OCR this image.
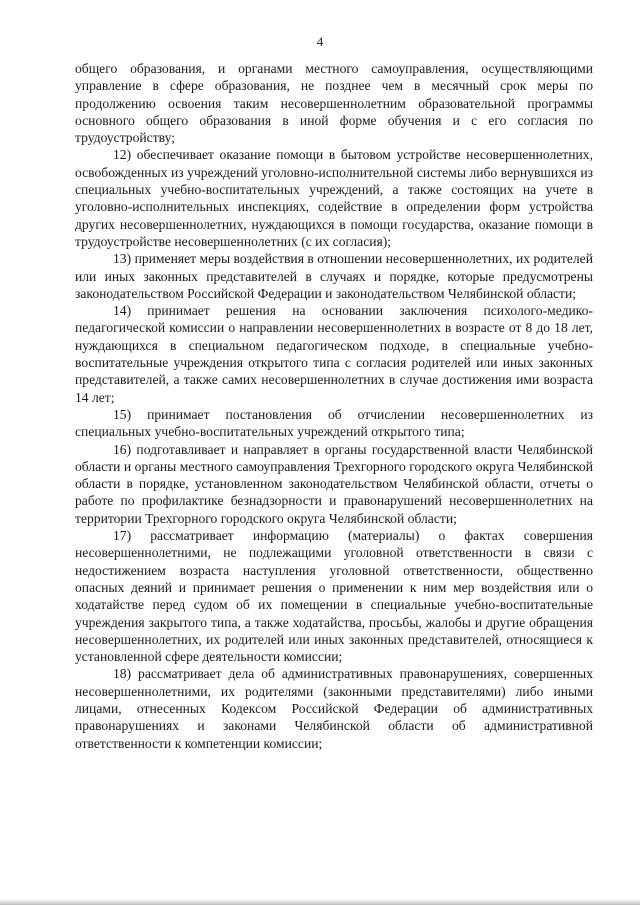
4

общего образования, и органами местного самоуправления, осуществляющими управление в сфере образования, не позднее чем в месячный срок меры по продолжению освоения таким несовершеннолетним образовательной программы основного общего образования в иной форме обучения и с его согласия по трудоустройству;

12) обеспечивает оказание помощи в бытовом устройстве несовершеннолетних, освобожденных из учреждений уголовно-исполнительной системы либо вернувшихся из специальных учебно-воспитательных учреждений, а также состоящих на учете в уголовно-исполнительных инспекциях, содействие в определении форм устройства других несовершеннолетних, нуждающихся в помощи государства, оказание помощи в трудоустройстве несовершеннолетних (с их согласия);

13) применяет меры воздействия в отношении несовершеннолетних, их родителей или иных законных представителей в случаях и порядке, которые предусмотрены законодательством Российской Федерации и законодательством Челябинской области;

14) принимает решения на основании заключения психолого-медико-педагогической комиссии о направлении несовершеннолетних в возрасте от 8 до 18 лет, нуждающихся в специальном педагогическом подходе, в специальные учебно-воспитательные учреждения открытого типа с согласия родителей или иных законных представителей, а также самих несовершеннолетних в случае достижения ими возраста 14 лет;

15) принимает постановления об отчислении несовершеннолетних из специальных учебно-воспитательных учреждений открытого типа;

16) подготавливает и направляет в органы государственной власти Челябинской области и органы местного самоуправления Трехгорного городского округа Челябинской области в порядке, установленном законодательством Челябинской области, отчеты о работе по профилактике безнадзорности и правонарушений несовершеннолетних на территории Трехгорного городского округа Челябинской области;

17) рассматривает информацию (материалы) о фактах совершения несовершеннолетними, не подлежащими уголовной ответственности в связи с недостижением возраста наступления уголовной ответственности, общественно опасных деяний и принимает решения о применении к ним мер воздействия или о ходатайстве перед судом об их помещении в специальные учебно-воспитательные учреждения закрытого типа, а также ходатайства, просьбы, жалобы и другие обращения несовершеннолетних, их родителей или иных законных представителей, относящиеся к установленной сфере деятельности комиссии;

18) рассматривает дела об административных правонарушениях, совершенных несовершеннолетними, их родителями (законными представителями) либо иными лицами, отнесенных Кодексом Российской Федерации об административных правонарушениях и законами Челябинской области об административной ответственности к компетенции комиссии;
